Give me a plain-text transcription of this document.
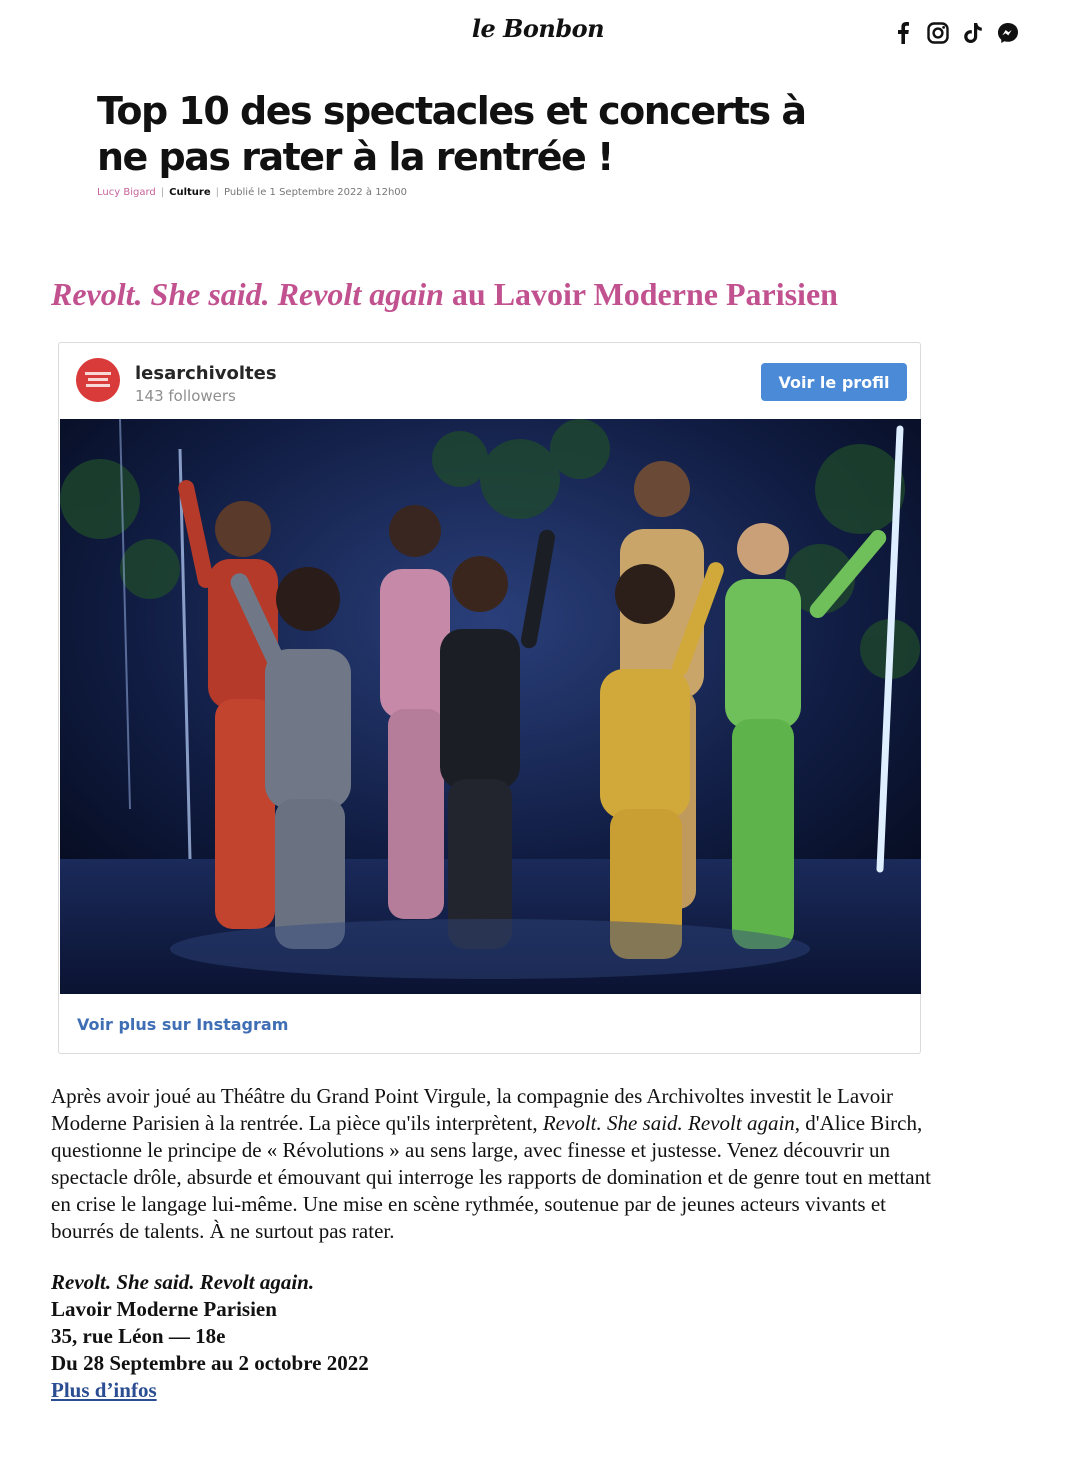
le Bonbon
Top 10 des spectacles et concerts à
ne pas rater à la rentrée !
Lucy Bigard | Culture | Publié le 1 Septembre 2022 à 12h00
Revolt. She said. Revolt again au Lavoir Moderne Parisien
lesarchivoltes
143 followers
Voir le profil
Voir plus sur Instagram

Après avoir joué au Théâtre du Grand Point Virgule, la compagnie des Archivoltes investit le Lavoir Moderne Parisien à la rentrée. La pièce qu'ils interprètent, Revolt. She said. Revolt again, d'Alice Birch, questionne le principe de « Révolutions » au sens large, avec finesse et justesse. Venez découvrir un spectacle drôle, absurde et émouvant qui interroge les rapports de domination et de genre tout en mettant en crise le langage lui-même. Une mise en scène rythmée, soutenue par de jeunes acteurs vivants et bourrés de talents. À ne surtout pas rater.

Revolt. She said. Revolt again.
Lavoir Moderne Parisien
35, rue Léon — 18e
Du 28 Septembre au 2 octobre 2022
Plus d’infos
